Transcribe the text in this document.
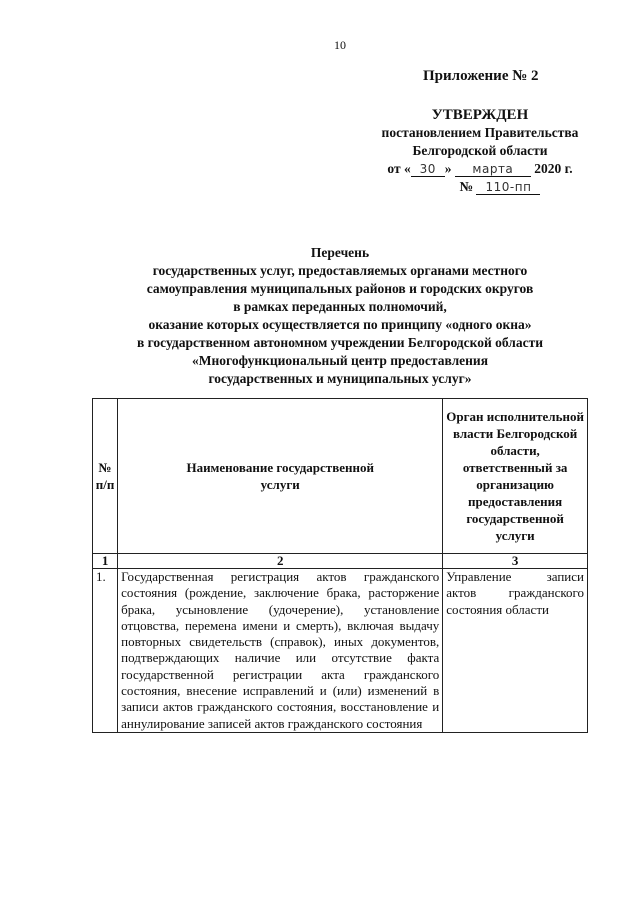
10
Приложение № 2
УТВЕРЖДЕН
постановлением Правительства
Белгородской области
от « 30 » марта 2020 г.
№ 110-пп

Перечень

государственных услуг, предоставляемых органами местного

самоуправления муниципальных районов и городских округов

в рамках переданных полномочий,

оказание которых осуществляется по принципу «одного окна»

в государственном автономном учреждении Белгородской области

«Многофункциональный центр предоставления

государственных и муниципальных услуг»

№ п/п	Наименование государственной услуги	Орган исполнительной власти Белгородской области, ответственный за организацию предоставления государственной услуги
1	2	3
1.	Государственная регистрация актов гражданского состояния (рождение, заключение брака, расторжение брака, усыновление (удочерение), установление отцовства, перемена имени и смерть), включая выдачу повторных свидетельств (справок), иных документов, подтверждающих наличие или отсутствие факта государственной регистрации акта гражданского состояния, внесение исправлений и (или) изменений в записи актов гражданского состояния, восстановление и аннулирование записей актов гражданского состояния	Управление записи актов гражданского состояния области
